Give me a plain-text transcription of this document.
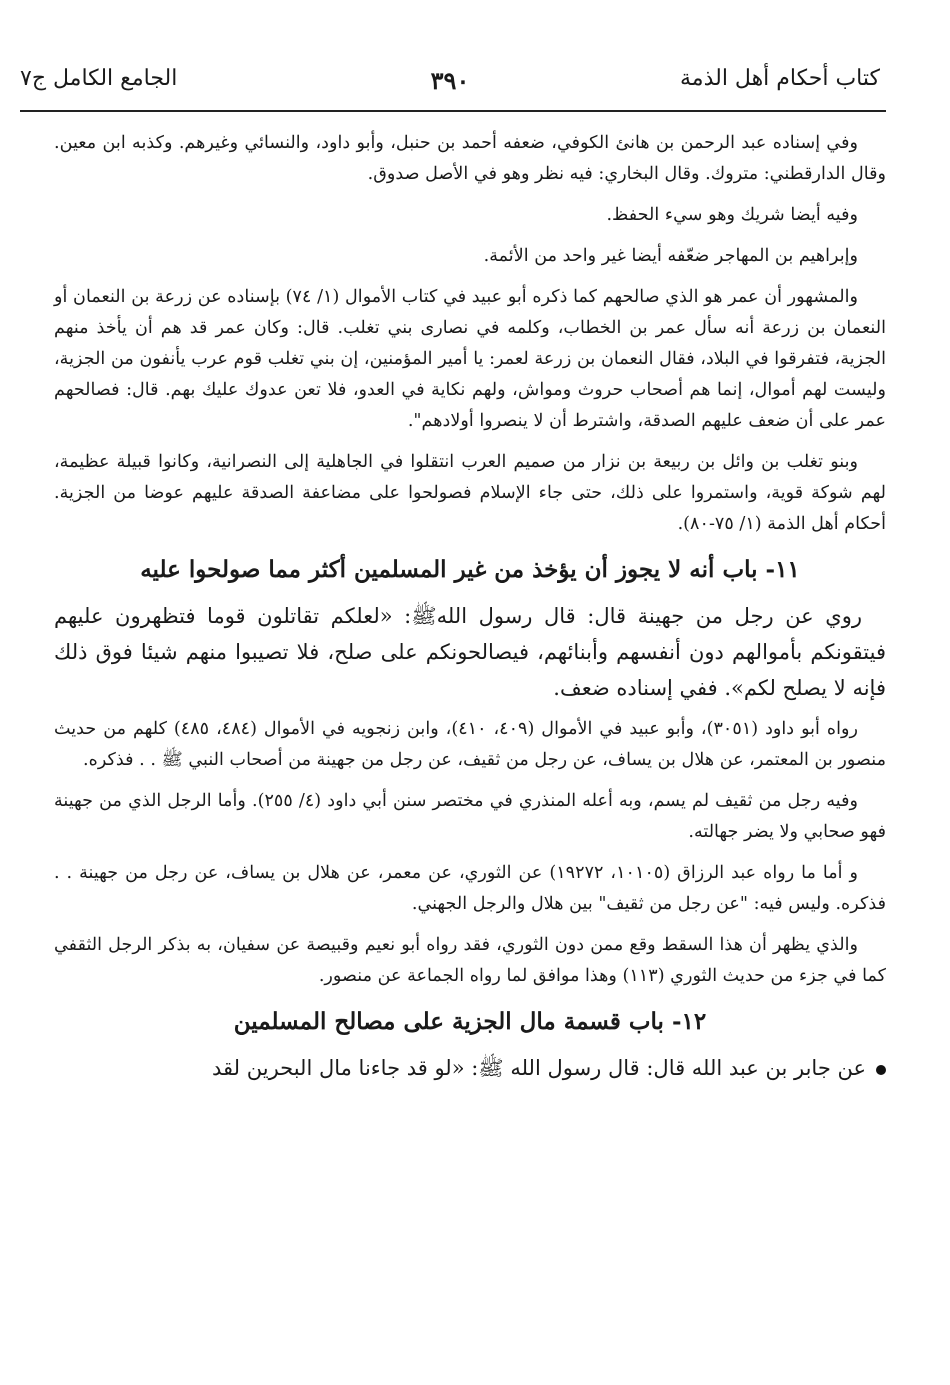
كتاب أحكام أهل الذمة
٣٩٠
الجامع الكامل ج٧

وفي إسناده عبد الرحمن بن هانئ الكوفي، ضعفه أحمد بن حنبل، وأبو داود، والنسائي وغيرهم. وكذبه ابن معين. وقال الدارقطني: متروك. وقال البخاري: فيه نظر وهو في الأصل صدوق.

وفيه أيضا شريك وهو سيء الحفظ.

وإبراهيم بن المهاجر ضعّفه أيضا غير واحد من الأئمة.

والمشهور أن عمر هو الذي صالحهم كما ذكره أبو عبيد في كتاب الأموال (١/ ٧٤) بإسناده عن زرعة بن النعمان أو النعمان بن زرعة أنه سأل عمر بن الخطاب، وكلمه في نصارى بني تغلب. قال: وكان عمر قد هم أن يأخذ منهم الجزية، فتفرقوا في البلاد، فقال النعمان بن زرعة لعمر: يا أمير المؤمنين، إن بني تغلب قوم عرب يأنفون من الجزية، وليست لهم أموال، إنما هم أصحاب حروث ومواش، ولهم نكاية في العدو، فلا تعن عدوك عليك بهم. قال: فصالحهم عمر على أن ضعف عليهم الصدقة، واشترط أن لا ينصروا أولادهم".

وبنو تغلب بن وائل بن ربيعة بن نزار من صميم العرب انتقلوا في الجاهلية إلى النصرانية، وكانوا قبيلة عظيمة، لهم شوكة قوية، واستمروا على ذلك، حتى جاء الإسلام فصولحوا على مضاعفة الصدقة عليهم عوضا من الجزية. أحكام أهل الذمة (١/ ٧٥-٨٠).

١١- باب أنه لا يجوز أن يؤخذ من غير المسلمين أكثر مما صولحوا عليه

روي عن رجل من جهينة قال: قال رسول اللهﷺ: «لعلكم تقاتلون قوما فتظهرون عليهم فيتقونكم بأموالهم دون أنفسهم وأبنائهم، فيصالحونكم على صلح، فلا تصيبوا منهم شيئا فوق ذلك فإنه لا يصلح لكم». ففي إسناده ضعف.

رواه أبو داود (٣٠٥١)، وأبو عبيد في الأموال (٤٠٩، ٤١٠)، وابن زنجويه في الأموال (٤٨٤، ٤٨٥) كلهم من حديث منصور بن المعتمر، عن هلال بن يساف، عن رجل من ثقيف، عن رجل من جهينة من أصحاب النبي ﷺ . . فذكره.

وفيه رجل من ثقيف لم يسم، وبه أعله المنذري في مختصر سنن أبي داود (٤/ ٢٥٥). وأما الرجل الذي من جهينة فهو صحابي ولا يضر جهالته.

و أما ما رواه عبد الرزاق (١٠١٠٥، ١٩٢٧٢) عن الثوري، عن معمر، عن هلال بن يساف، عن رجل من جهينة . . فذكره. وليس فيه: "عن رجل من ثقيف" بين هلال والرجل الجهني.

والذي يظهر أن هذا السقط وقع ممن دون الثوري، فقد رواه أبو نعيم وقبيصة عن سفيان، به بذكر الرجل الثقفي كما في جزء من حديث الثوري (١١٣) وهذا موافق لما رواه الجماعة عن منصور.

١٢- باب قسمة مال الجزية على مصالح المسلمين
عن جابر بن عبد الله قال: قال رسول الله ﷺ: «لو قد جاءنا مال البحرين لقد
